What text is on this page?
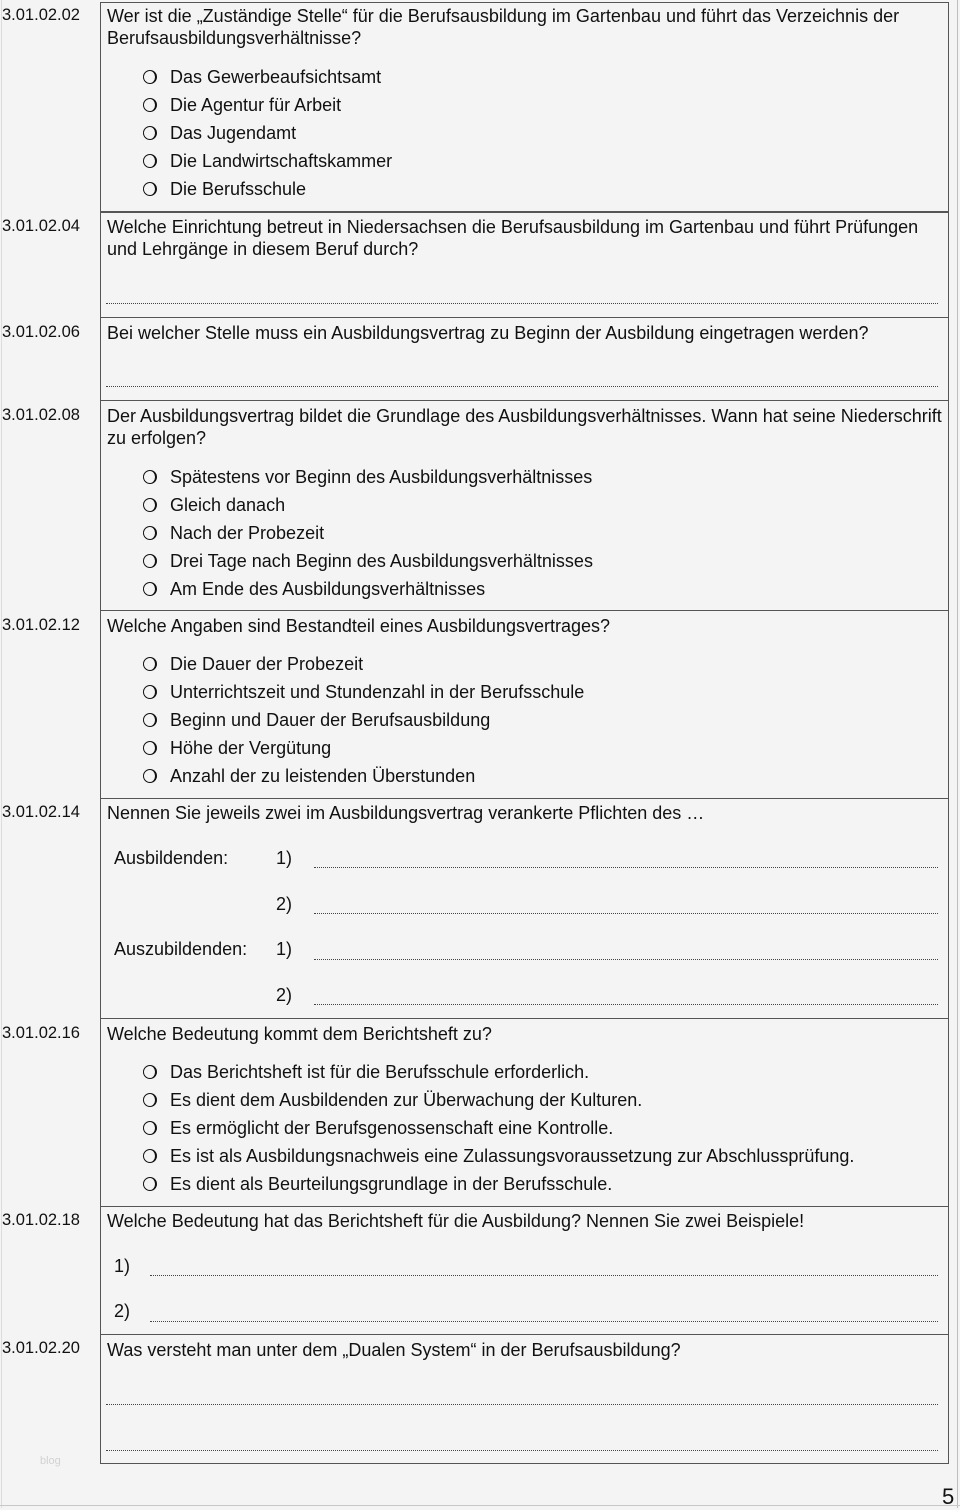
3.01.02.02 Wer ist die „Zuständige Stelle“ für die Berufsausbildung im Gartenbau und führt das Verzeichnis der Berufsausbildungsverhältnisse?
Das Gewerbeaufsichtsamt
Die Agentur für Arbeit
Das Jugendamt
Die Landwirtschaftskammer
Die Berufsschule
3.01.02.04 Welche Einrichtung betreut in Niedersachsen die Berufsausbildung im Gartenbau und führt Prüfungen und Lehrgänge in diesem Beruf durch?
3.01.02.06 Bei welcher Stelle muss ein Ausbildungsvertrag zu Beginn der Ausbildung eingetragen werden?
3.01.02.08 Der Ausbildungsvertrag bildet die Grundlage des Ausbildungsverhältnisses. Wann hat seine Niederschrift zu erfolgen?
Spätestens vor Beginn des Ausbildungsverhältnisses
Gleich danach
Nach der Probezeit
Drei Tage nach Beginn des Ausbildungsverhältnisses
Am Ende des Ausbildungsverhältnisses
3.01.02.12 Welche Angaben sind Bestandteil eines Ausbildungsvertrages?
Die Dauer der Probezeit
Unterrichtszeit und Stundenzahl in der Berufsschule
Beginn und Dauer der Berufsausbildung
Höhe der Vergütung
Anzahl der zu leistenden Überstunden
3.01.02.14 Nennen Sie jeweils zwei im Ausbildungsvertrag verankerte Pflichten des …
Ausbildenden:	1)
2)
Auszubildenden: 1)
2)
3.01.02.16 Welche Bedeutung kommt dem Berichtsheft zu?
Das Berichtsheft ist für die Berufsschule erforderlich.
Es dient dem Ausbildenden zur Überwachung der Kulturen.
Es ermöglicht der Berufsgenossenschaft eine Kontrolle.
Es ist als Ausbildungsnachweis eine Zulassungsvoraussetzung zur Abschlussprüfung.
Es dient als Beurteilungsgrundlage in der Berufsschule.
3.01.02.18 Welche Bedeutung hat das Berichtsheft für die Ausbildung? Nennen Sie zwei Beispiele!
1)
2)
3.01.02.20 Was versteht man unter dem „Dualen System“ in der Berufsausbildung?
blog
5
